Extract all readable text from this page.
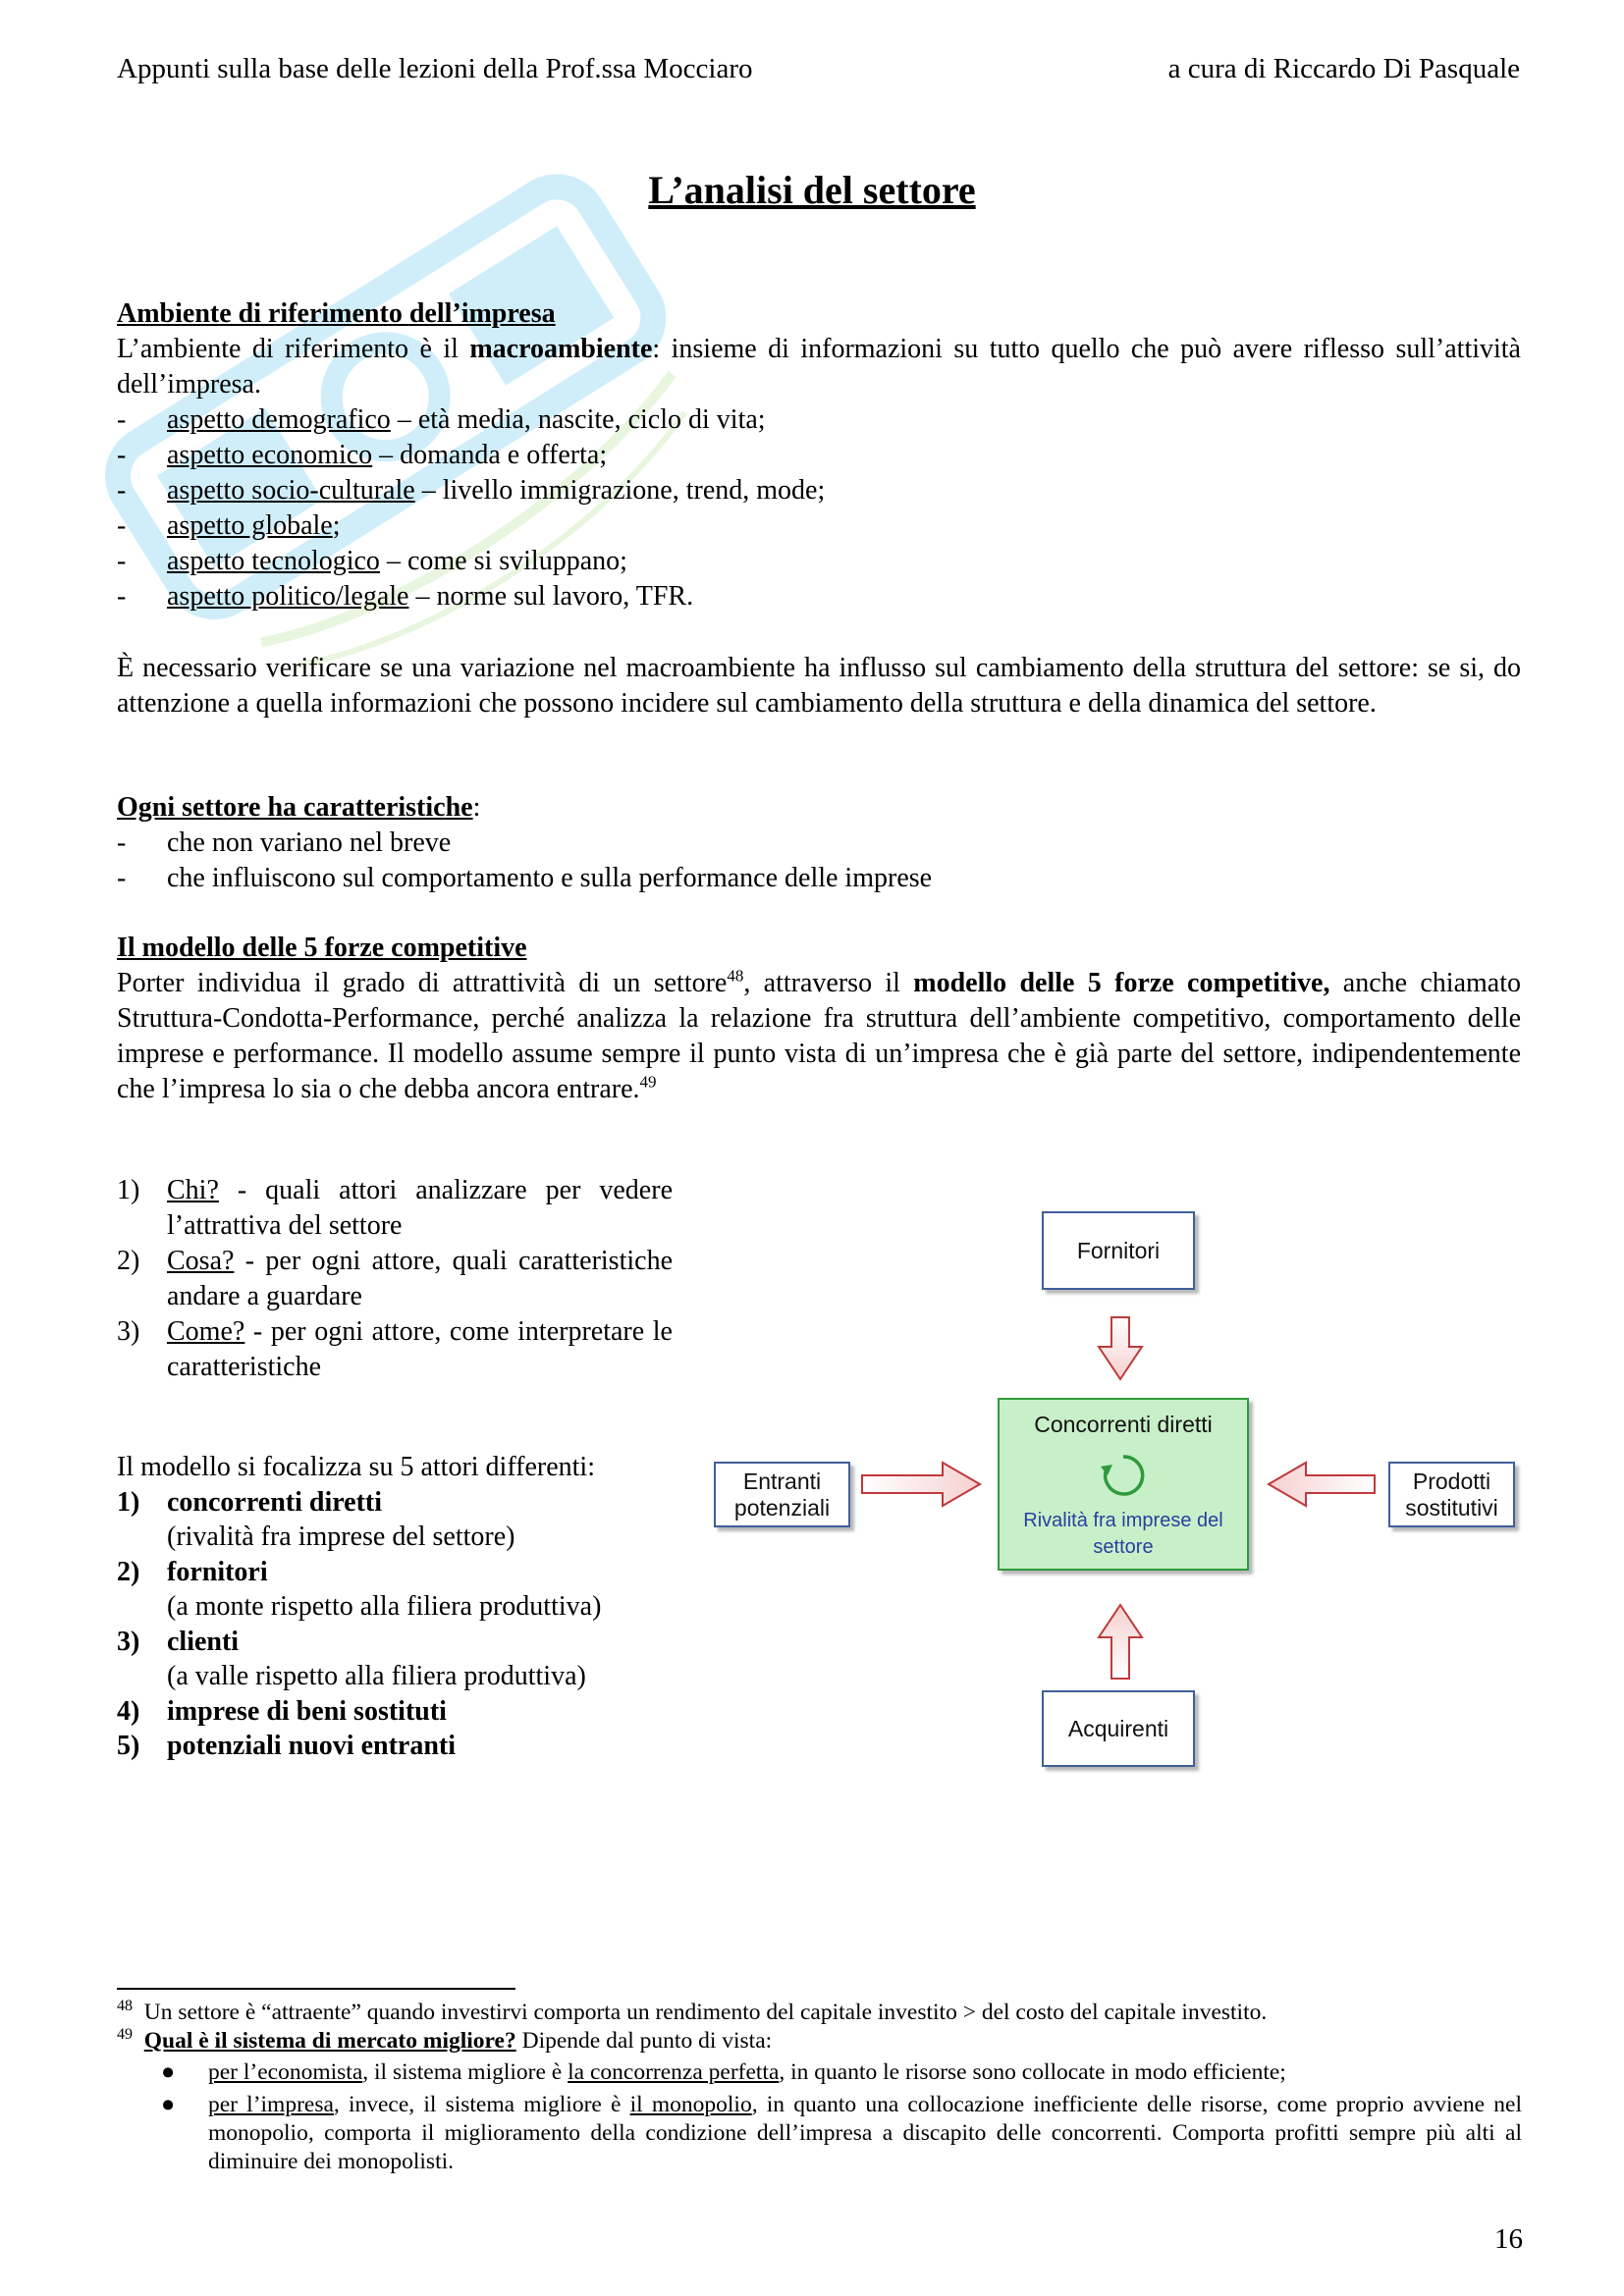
Appunti sulla base delle lezioni della Prof.ssa Mocciaro	a cura di Riccardo Di Pasquale
L’analisi del settore
Ambiente di riferimento dell’impresa
L’ambiente di riferimento è il macroambiente: insieme di informazioni su tutto quello che può avere riflesso sull’attività dell’impresa.
- aspetto demografico – età media, nascite, ciclo di vita;
- aspetto economico – domanda e offerta;
- aspetto socio-culturale – livello immigrazione, trend, mode;
- aspetto globale;
- aspetto tecnologico – come si sviluppano;
- aspetto politico/legale – norme sul lavoro, TFR.
È necessario verificare se una variazione nel macroambiente ha influsso sul cambiamento della struttura del settore: se si, do attenzione a quella informazioni che possono incidere sul cambiamento della struttura e della dinamica del settore.
Ogni settore ha caratteristiche:
- che non variano nel breve
- che influiscono sul comportamento e sulla performance delle imprese
Il modello delle 5 forze competitive
Porter individua il grado di attrattività di un settore$^{48}$, attraverso il modello delle 5 forze competitive, anche chiamato Struttura-Condotta-Performance, perché analizza la relazione fra struttura dell’ambiente competitivo, comportamento delle imprese e performance. Il modello assume sempre il punto vista di un’impresa che è già parte del settore, indipendentemente che l’impresa lo sia o che debba ancora entrare.$^{49}$
1) Chi? - quali attori analizzare per vedere l’attrattiva del settore
2) Cosa? - per ogni attore, quali caratteristiche andare a guardare
3) Come? - per ogni attore, come interpretare le caratteristiche
Il modello si focalizza su 5 attori differenti:
1) concorrenti diretti
(rivalità fra imprese del settore)
2) fornitori
(a monte rispetto alla filiera produttiva)
3) clienti
(a valle rispetto alla filiera produttiva)
4) imprese di beni sostituti
5) potenziali nuovi entranti
Fornitori
Entranti potenziali
Prodotti sostitutivi
Acquirenti
Concorrenti diretti
Rivalità fra imprese del settore
$^{48}$ Un settore è “attraente” quando investirvi comporta un rendimento del capitale investito > del costo del capitale investito.
$^{49}$ Qual è il sistema di mercato migliore? Dipende dal punto di vista:
● per l’economista, il sistema migliore è la concorrenza perfetta, in quanto le risorse sono collocate in modo efficiente;
● per l’impresa, invece, il sistema migliore è il monopolio, in quanto una collocazione inefficiente delle risorse, come proprio avviene nel monopolio, comporta il miglioramento della condizione dell’impresa a discapito delle concorrenti. Comporta profitti sempre più alti al diminuire dei monopolisti.
16
